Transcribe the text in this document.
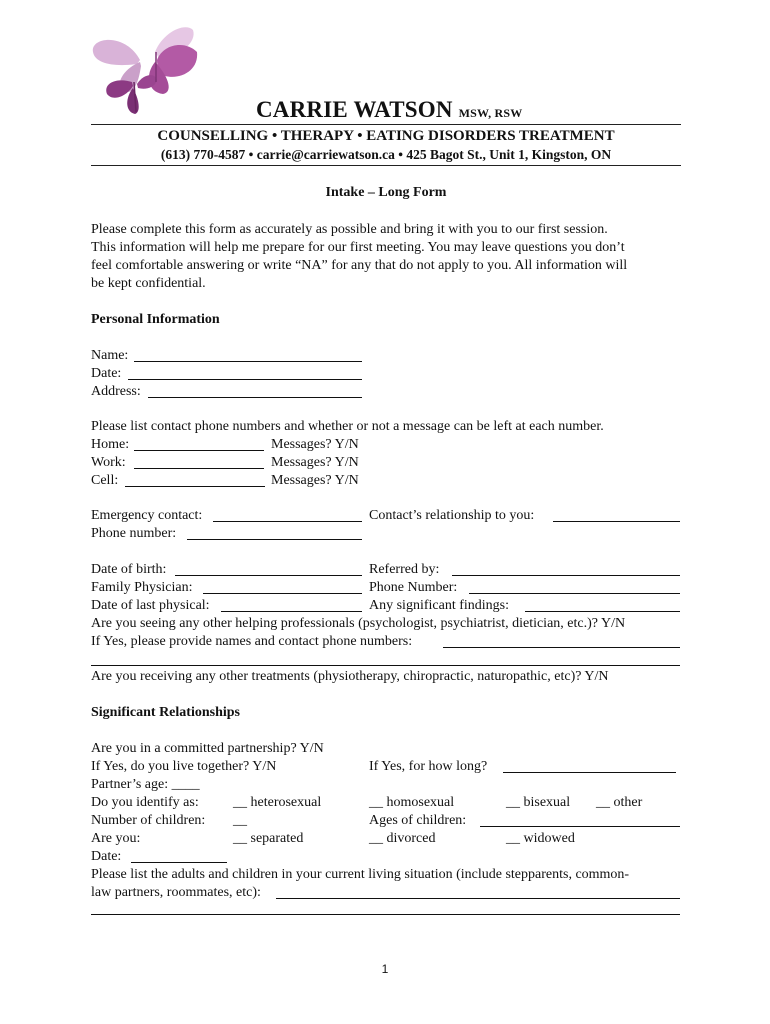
CARRIE WATSON MSW, RSW
COUNSELLING • THERAPY • EATING DISORDERS TREATMENT
(613) 770-4587 • carrie@carriewatson.ca • 425 Bagot St., Unit 1, Kingston, ON
Intake – Long Form
Please complete this form as accurately as possible and bring it with you to our first session.
This information will help me prepare for our first meeting. You may leave questions you don’t
feel comfortable answering or write “NA” for any that do not apply to you. All information will
be kept confidential.
Personal Information
Name:
Date:
Address:
Please list contact phone numbers and whether or not a message can be left at each number.
Home:	Messages? Y/N
Work:	Messages? Y/N
Cell:	Messages? Y/N
Emergency contact:	Contact’s relationship to you:
Phone number:
Date of birth:	Referred by:
Family Physician:	Phone Number:
Date of last physical:	Any significant findings:
Are you seeing any other helping professionals (psychologist, psychiatrist, dietician, etc.)? Y/N
If Yes, please provide names and contact phone numbers:
Are you receiving any other treatments (physiotherapy, chiropractic, naturopathic, etc)? Y/N
Significant Relationships
Are you in a committed partnership? Y/N
If Yes, do you live together? Y/N	If Yes, for how long?
Partner’s age: ____
Do you identify as: __ heterosexual	__ homosexual	__ bisexual __ other
Number of children: __	Ages of children:
Are you:	__ separated	__ divorced	__ widowed
Date:
Please list the adults and children in your current living situation (include stepparents, common-
law partners, roommates, etc):
1
